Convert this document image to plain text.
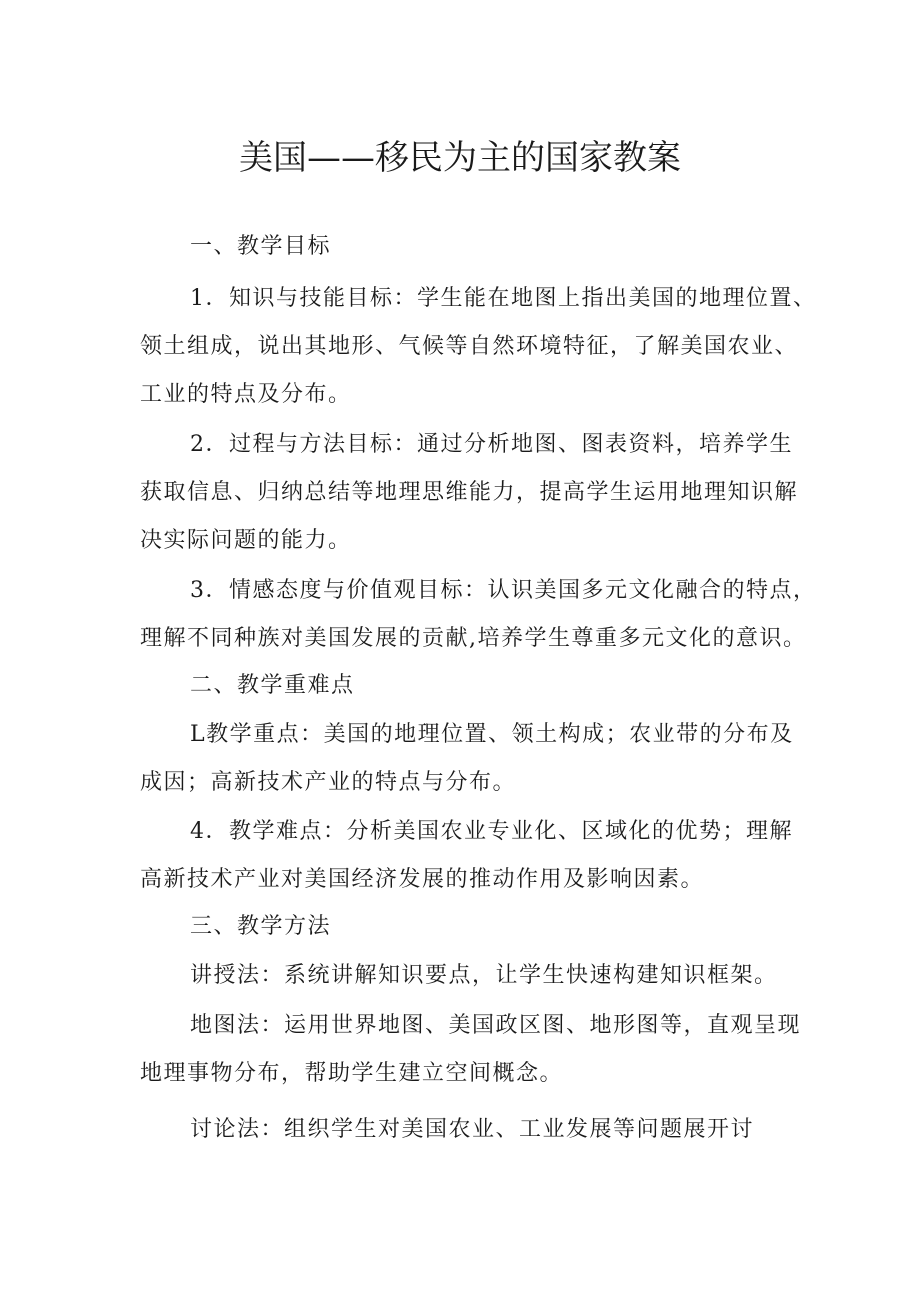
美国——移民为主的国家教案

一、教学目标

1．知识与技能目标：学生能在地图上指出美国的地理位置、

领土组成，说出其地形、气候等自然环境特征，了解美国农业、

工业的特点及分布。

2．过程与方法目标：通过分析地图、图表资料，培养学生

获取信息、归纳总结等地理思维能力，提高学生运用地理知识解

决实际问题的能力。

3．情感态度与价值观目标：认识美国多元文化融合的特点，

理解不同种族对美国发展的贡献,培养学生尊重多元文化的意识。

二、教学重难点

L教学重点：美国的地理位置、领土构成；农业带的分布及

成因；高新技术产业的特点与分布。

4．教学难点：分析美国农业专业化、区域化的优势；理解

高新技术产业对美国经济发展的推动作用及影响因素。

三、教学方法

讲授法：系统讲解知识要点，让学生快速构建知识框架。

地图法：运用世界地图、美国政区图、地形图等，直观呈现

地理事物分布，帮助学生建立空间概念。

讨论法：组织学生对美国农业、工业发展等问题展开讨
